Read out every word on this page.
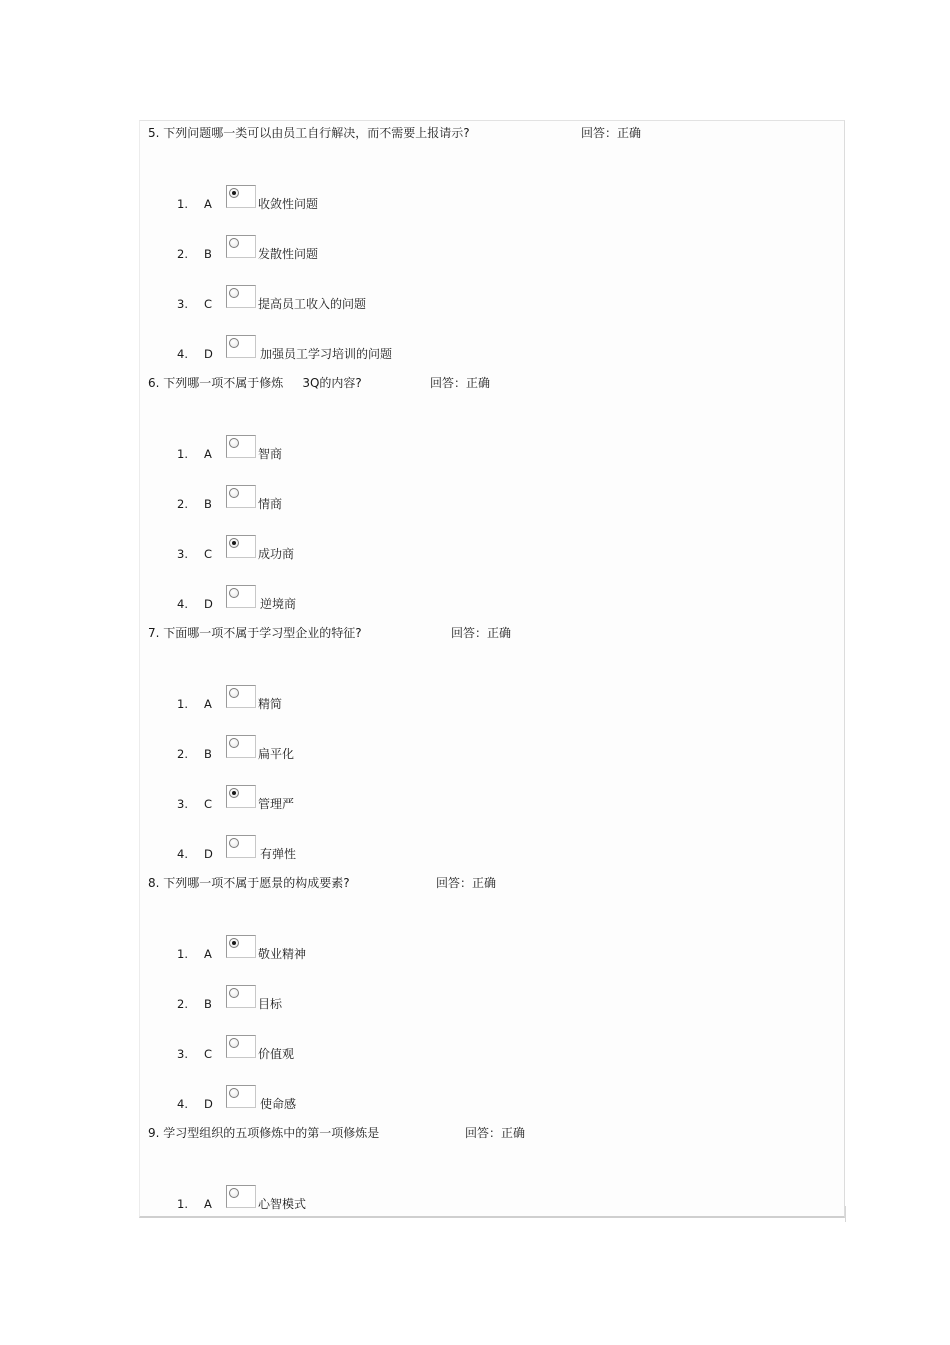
5. 下列问题哪一类可以由员工自行解决，而不需要上报请示?	回答：正确
1.	A	收敛性问题
2.	B	发散性问题
3.	C	提高员工收入的问题
4.	D	加强员工学习培训的问题
6. 下列哪一项不属于修炼     3Q的内容?	回答：正确
1.	A	智商
2.	B	情商
3.	C	成功商
4.	D	逆境商
7. 下面哪一项不属于学习型企业的特征?	回答：正确
1.	A	精简
2.	B	扁平化
3.	C	管理严
4.	D	有弹性
8. 下列哪一项不属于愿景的构成要素?	回答：正确
1.	A	敬业精神
2.	B	目标
3.	C	价值观
4.	D	使命感
9. 学习型组织的五项修炼中的第一项修炼是	回答：正确
1.	A	心智模式
